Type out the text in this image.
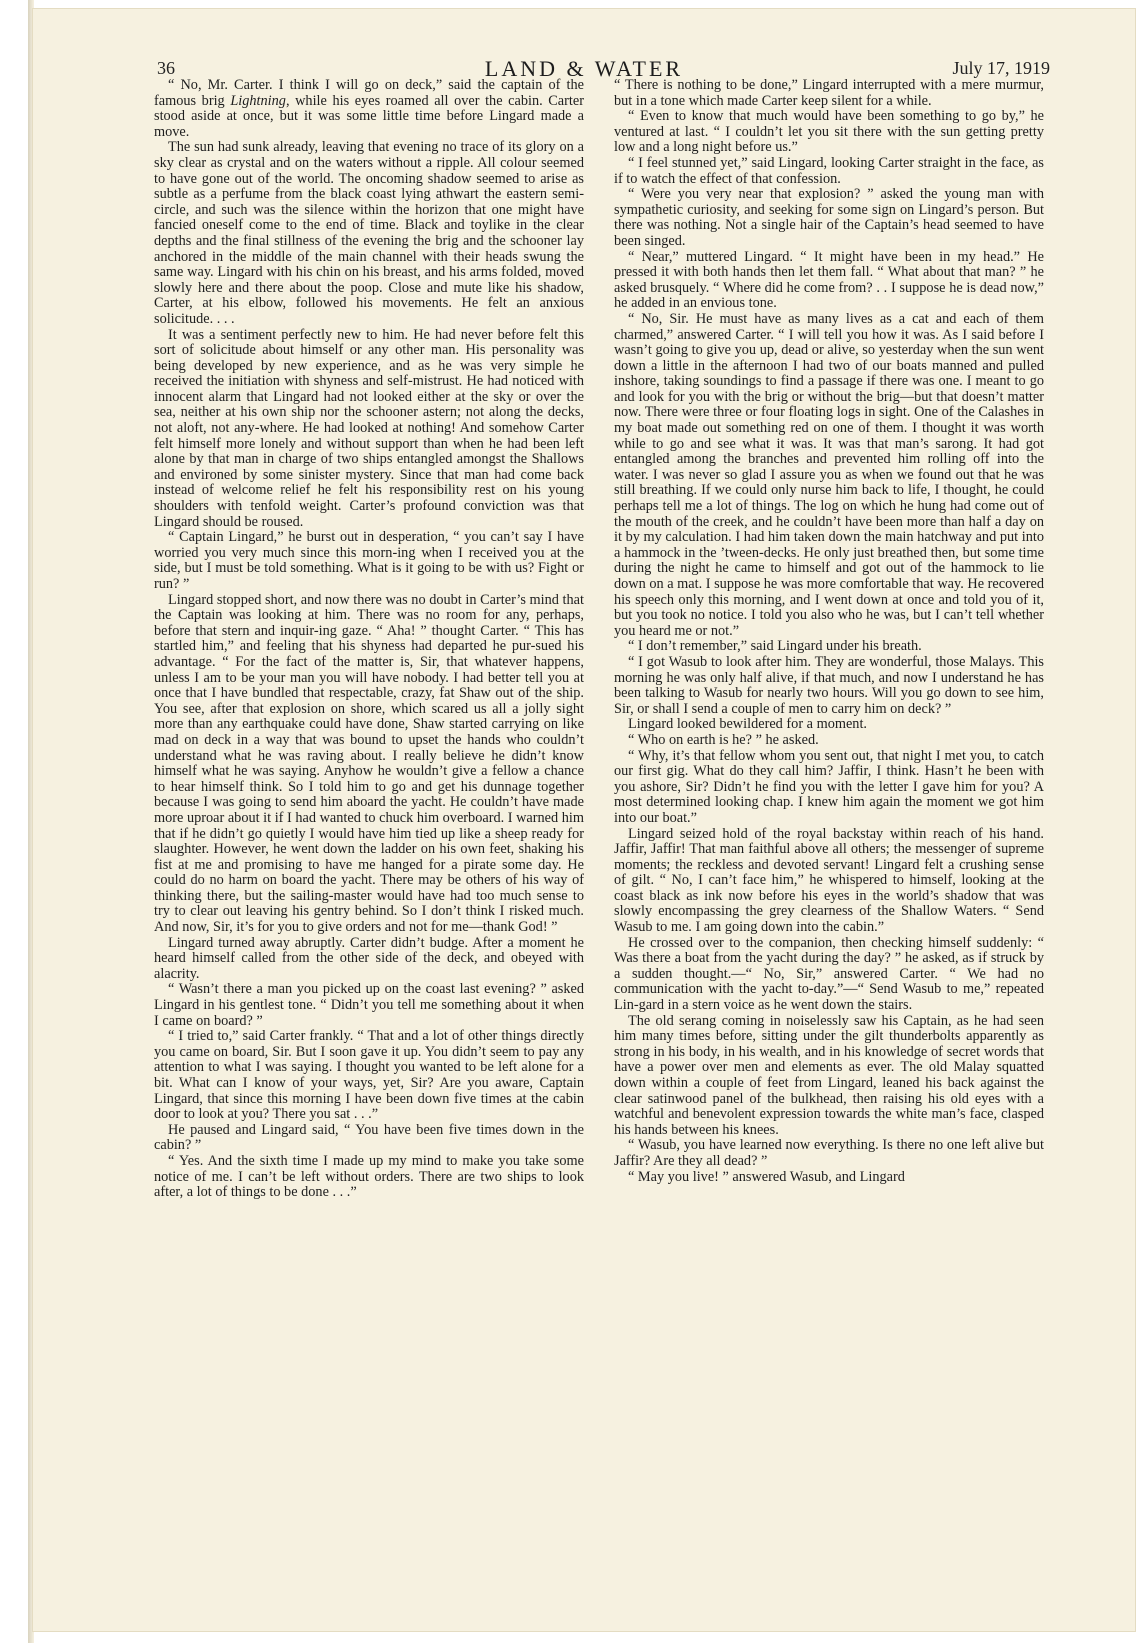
36	LAND & WATER	July 17, 1919

“ No, Mr. Carter. I think I will go on deck,” said the captain of the famous brig Lightning, while his eyes roamed all over the cabin. Carter stood aside at once, but it was some little time before Lingard made a move.

The sun had sunk already, leaving that evening no trace of its glory on a sky clear as crystal and on the waters without a ripple. All colour seemed to have gone out of the world. The oncoming shadow seemed to arise as subtle as a perfume from the black coast lying athwart the eastern semi-circle, and such was the silence within the horizon that one might have fancied oneself come to the end of time. Black and toylike in the clear depths and the final stillness of the evening the brig and the schooner lay anchored in the middle of the main channel with their heads swung the same way. Lingard with his chin on his breast, and his arms folded, moved slowly here and there about the poop. Close and mute like his shadow, Carter, at his elbow, followed his movements. He felt an anxious solicitude. . . .

It was a sentiment perfectly new to him. He had never before felt this sort of solicitude about himself or any other man. His personality was being developed by new experience, and as he was very simple he received the initiation with shyness and self-mistrust. He had noticed with innocent alarm that Lingard had not looked either at the sky or over the sea, neither at his own ship nor the schooner astern; not along the decks, not aloft, not any-where. He had looked at nothing! And somehow Carter felt himself more lonely and without support than when he had been left alone by that man in charge of two ships entangled amongst the Shallows and environed by some sinister mystery. Since that man had come back instead of welcome relief he felt his responsibility rest on his young shoulders with tenfold weight. Carter’s profound conviction was that Lingard should be roused.

“ Captain Lingard,” he burst out in desperation, “ you can’t say I have worried you very much since this morn-ing when I received you at the side, but I must be told something. What is it going to be with us? Fight or run? ”

Lingard stopped short, and now there was no doubt in Carter’s mind that the Captain was looking at him. There was no room for any, perhaps, before that stern and inquir-ing gaze. “ Aha! ” thought Carter. “ This has startled him,” and feeling that his shyness had departed he pur-sued his advantage. “ For the fact of the matter is, Sir, that whatever happens, unless I am to be your man you will have nobody. I had better tell you at once that I have bundled that respectable, crazy, fat Shaw out of the ship. You see, after that explosion on shore, which scared us all a jolly sight more than any earthquake could have done, Shaw started carrying on like mad on deck in a way that was bound to upset the hands who couldn’t understand what he was raving about. I really believe he didn’t know himself what he was saying. Anyhow he wouldn’t give a fellow a chance to hear himself think. So I told him to go and get his dunnage together because I was going to send him aboard the yacht. He couldn’t have made more uproar about it if I had wanted to chuck him overboard. I warned him that if he didn’t go quietly I would have him tied up like a sheep ready for slaughter. However, he went down the ladder on his own feet, shaking his fist at me and promising to have me hanged for a pirate some day. He could do no harm on board the yacht. There may be others of his way of thinking there, but the sailing-master would have had too much sense to try to clear out leaving his gentry behind. So I don’t think I risked much. And now, Sir, it’s for you to give orders and not for me—thank God! ”

Lingard turned away abruptly. Carter didn’t budge. After a moment he heard himself called from the other side of the deck, and obeyed with alacrity.

“ Wasn’t there a man you picked up on the coast last evening? ” asked Lingard in his gentlest tone. “ Didn’t you tell me something about it when I came on board? ”

“ I tried to,” said Carter frankly. “ That and a lot of other things directly you came on board, Sir. But I soon gave it up. You didn’t seem to pay any attention to what I was saying. I thought you wanted to be left alone for a bit. What can I know of your ways, yet, Sir? Are you aware, Captain Lingard, that since this morning I have been down five times at the cabin door to look at you? There you sat . . .”

He paused and Lingard said, “ You have been five times down in the cabin? ”

“ Yes. And the sixth time I made up my mind to make you take some notice of me. I can’t be left without orders. There are two ships to look after, a lot of things to be done . . .”

“ There is nothing to be done,” Lingard interrupted with a mere murmur, but in a tone which made Carter keep silent for a while.

“ Even to know that much would have been something to go by,” he ventured at last. “ I couldn’t let you sit there with the sun getting pretty low and a long night before us.”

“ I feel stunned yet,” said Lingard, looking Carter straight in the face, as if to watch the effect of that confession.

“ Were you very near that explosion? ” asked the young man with sympathetic curiosity, and seeking for some sign on Lingard’s person. But there was nothing. Not a single hair of the Captain’s head seemed to have been singed.

“ Near,” muttered Lingard. “ It might have been in my head.” He pressed it with both hands then let them fall. “ What about that man? ” he asked brusquely. “ Where did he come from? . . I suppose he is dead now,” he added in an envious tone.

“ No, Sir. He must have as many lives as a cat and each of them charmed,” answered Carter. “ I will tell you how it was. As I said before I wasn’t going to give you up, dead or alive, so yesterday when the sun went down a little in the afternoon I had two of our boats manned and pulled inshore, taking soundings to find a passage if there was one. I meant to go and look for you with the brig or without the brig—but that doesn’t matter now. There were three or four floating logs in sight. One of the Calashes in my boat made out something red on one of them. I thought it was worth while to go and see what it was. It was that man’s sarong. It had got entangled among the branches and prevented him rolling off into the water. I was never so glad I assure you as when we found out that he was still breathing. If we could only nurse him back to life, I thought, he could perhaps tell me a lot of things. The log on which he hung had come out of the mouth of the creek, and he couldn’t have been more than half a day on it by my calculation. I had him taken down the main hatchway and put into a hammock in the ’tween-decks. He only just breathed then, but some time during the night he came to himself and got out of the hammock to lie down on a mat. I suppose he was more comfortable that way. He recovered his speech only this morning, and I went down at once and told you of it, but you took no notice. I told you also who he was, but I can’t tell whether you heard me or not.”

“ I don’t remember,” said Lingard under his breath.

“ I got Wasub to look after him. They are wonderful, those Malays. This morning he was only half alive, if that much, and now I understand he has been talking to Wasub for nearly two hours. Will you go down to see him, Sir, or shall I send a couple of men to carry him on deck? ”

Lingard looked bewildered for a moment.

“ Who on earth is he? ” he asked.

“ Why, it’s that fellow whom you sent out, that night I met you, to catch our first gig. What do they call him? Jaffir, I think. Hasn’t he been with you ashore, Sir? Didn’t he find you with the letter I gave him for you? A most determined looking chap. I knew him again the moment we got him into our boat.”

Lingard seized hold of the royal backstay within reach of his hand. Jaffir, Jaffir! That man faithful above all others; the messenger of supreme moments; the reckless and devoted servant! Lingard felt a crushing sense of gilt. “ No, I can’t face him,” he whispered to himself, looking at the coast black as ink now before his eyes in the world’s shadow that was slowly encompassing the grey clearness of the Shallow Waters. “ Send Wasub to me. I am going down into the cabin.”

He crossed over to the companion, then checking himself suddenly: “ Was there a boat from the yacht during the day? ” he asked, as if struck by a sudden thought.—“ No, Sir,” answered Carter. “ We had no communication with the yacht to-day.”—“ Send Wasub to me,” repeated Lin-gard in a stern voice as he went down the stairs.

The old serang coming in noiselessly saw his Captain, as he had seen him many times before, sitting under the gilt thunderbolts apparently as strong in his body, in his wealth, and in his knowledge of secret words that have a power over men and elements as ever. The old Malay squatted down within a couple of feet from Lingard, leaned his back against the clear satinwood panel of the bulkhead, then raising his old eyes with a watchful and benevolent expression towards the white man’s face, clasped his hands between his knees.

“ Wasub, you have learned now everything. Is there no one left alive but Jaffir? Are they all dead? ”

“ May you live! ” answered Wasub, and Lingard
